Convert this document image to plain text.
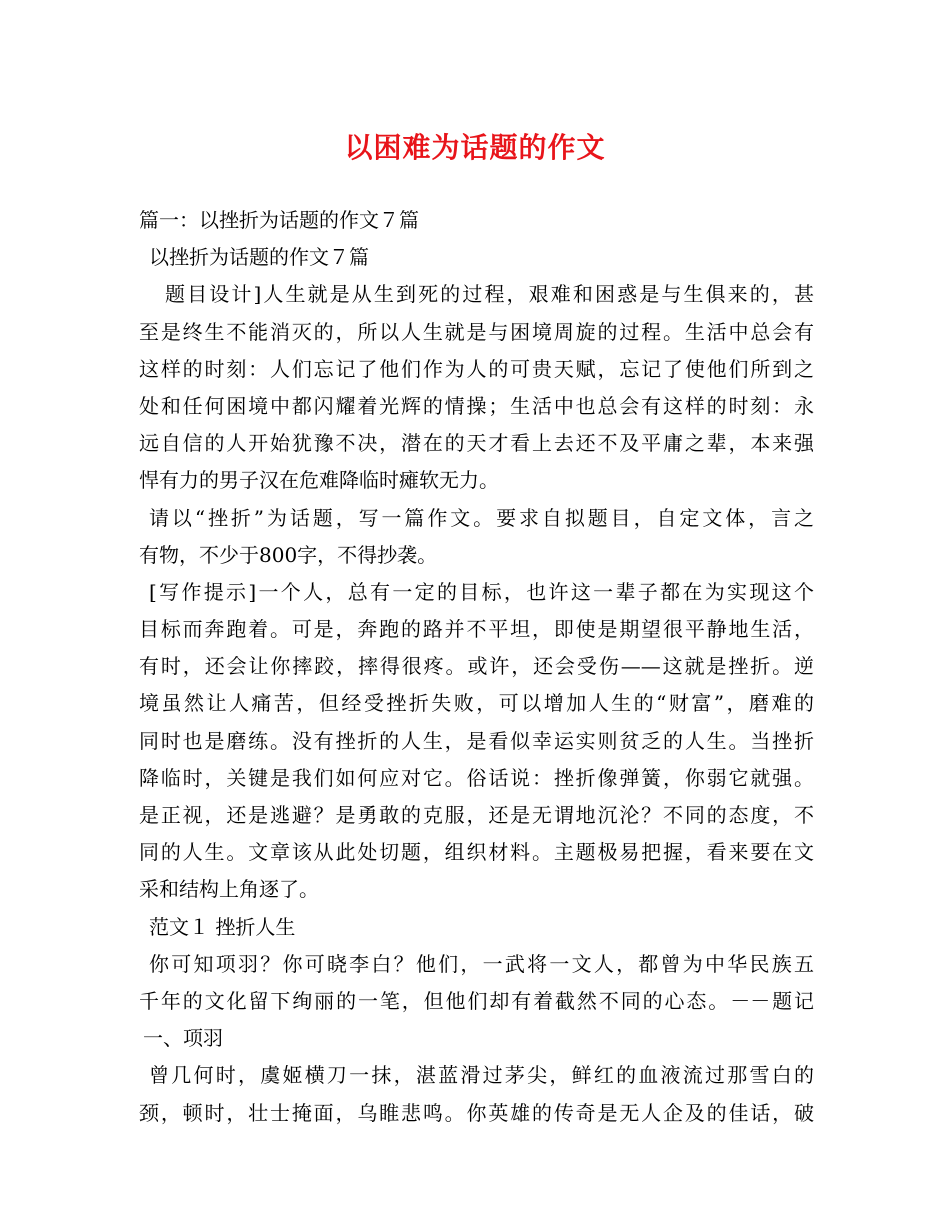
以困难为话题的作文
篇一：以挫折为话题的作文７篇
以挫折为话题的作文７篇
题目设计]人生就是从生到死的过程，艰难和困惑是与生俱来的，甚
至是终生不能消灭的，所以人生就是与困境周旋的过程。生活中总会有
这样的时刻：人们忘记了他们作为人的可贵天赋，忘记了使他们所到之
处和任何困境中都闪耀着光辉的情操；生活中也总会有这样的时刻：永
远自信的人开始犹豫不决，潜在的天才看上去还不及平庸之辈，本来强
悍有力的男子汉在危难降临时瘫软无力。
请以“挫折”为话题，写一篇作文。要求自拟题目，自定文体，言之
有物，不少于800字，不得抄袭。
[写作提示]一个人，总有一定的目标，也许这一辈子都在为实现这个
目标而奔跑着。可是，奔跑的路并不平坦，即使是期望很平静地生活，
有时，还会让你摔跤，摔得很疼。或许，还会受伤——这就是挫折。逆
境虽然让人痛苦，但经受挫折失败，可以增加人生的“财富”，磨难的
同时也是磨练。没有挫折的人生，是看似幸运实则贫乏的人生。当挫折
降临时，关键是我们如何应对它。俗话说：挫折像弹簧，你弱它就强。
是正视，还是逃避？是勇敢的克服，还是无谓地沉沦？不同的态度，不
同的人生。文章该从此处切题，组织材料。主题极易把握，看来要在文
采和结构上角逐了。
范文１ 挫折人生
你可知项羽？你可晓李白？他们，一武将一文人，都曾为中华民族五
千年的文化留下绚丽的一笔，但他们却有着截然不同的心态。－－题记
一、项羽
曾几何时，虞姬横刀一抹，湛蓝滑过茅尖，鲜红的血液流过那雪白的
颈，顿时，壮士掩面，乌睢悲鸣。你英雄的传奇是无人企及的佳话，破
